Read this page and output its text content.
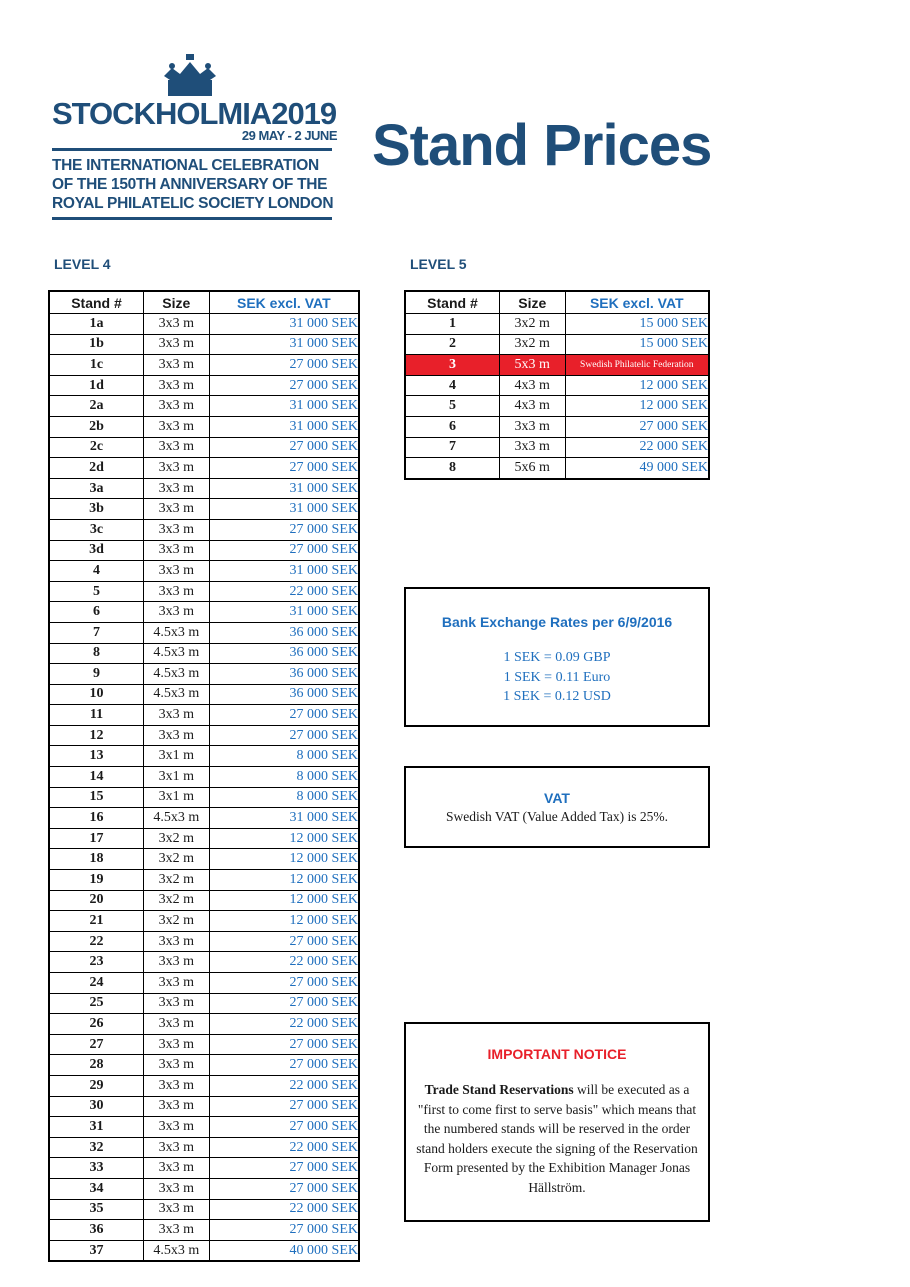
STOCKHOLMIA2019
29 MAY - 2 JUNE
THE INTERNATIONAL CELEBRATION
OF THE 150TH ANNIVERSARY OF THE
ROYAL PHILATELIC SOCIETY LONDON
Stand Prices
LEVEL 4	LEVEL 5
Stand #	Size	SEK excl. VAT
1a	3x3 m	31 000 SEK
1b	3x3 m	31 000 SEK
1c	3x3 m	27 000 SEK
1d	3x3 m	27 000 SEK
2a	3x3 m	31 000 SEK
2b	3x3 m	31 000 SEK
2c	3x3 m	27 000 SEK
2d	3x3 m	27 000 SEK
3a	3x3 m	31 000 SEK
3b	3x3 m	31 000 SEK
3c	3x3 m	27 000 SEK
3d	3x3 m	27 000 SEK
4	3x3 m	31 000 SEK
5	3x3 m	22 000 SEK
6	3x3 m	31 000 SEK
7	4.5x3 m	36 000 SEK
8	4.5x3 m	36 000 SEK
9	4.5x3 m	36 000 SEK
10	4.5x3 m	36 000 SEK
11	3x3 m	27 000 SEK
12	3x3 m	27 000 SEK
13	3x1 m	8 000 SEK
14	3x1 m	8 000 SEK
15	3x1 m	8 000 SEK
16	4.5x3 m	31 000 SEK
17	3x2 m	12 000 SEK
18	3x2 m	12 000 SEK
19	3x2 m	12 000 SEK
20	3x2 m	12 000 SEK
21	3x2 m	12 000 SEK
22	3x3 m	27 000 SEK
23	3x3 m	22 000 SEK
24	3x3 m	27 000 SEK
25	3x3 m	27 000 SEK
26	3x3 m	22 000 SEK
27	3x3 m	27 000 SEK
28	3x3 m	27 000 SEK
29	3x3 m	22 000 SEK
30	3x3 m	27 000 SEK
31	3x3 m	27 000 SEK
32	3x3 m	22 000 SEK
33	3x3 m	27 000 SEK
34	3x3 m	27 000 SEK
35	3x3 m	22 000 SEK
36	3x3 m	27 000 SEK
37	4.5x3 m	40 000 SEK
Stand #	Size	SEK excl. VAT
1	3x2 m	15 000 SEK
2	3x2 m	15 000 SEK
3	5x3 m	Swedish Philatelic Federation
4	4x3 m	12 000 SEK
5	4x3 m	12 000 SEK
6	3x3 m	27 000 SEK
7	3x3 m	22 000 SEK
8	5x6 m	49 000 SEK
Bank Exchange Rates per 6/9/2016
1 SEK = 0.09 GBP
1 SEK = 0.11 Euro
1 SEK = 0.12 USD
VAT
Swedish VAT (Value Added Tax) is 25%.
IMPORTANT NOTICE
Trade Stand Reservations will be executed as a "first to come first to serve basis" which means that the numbered stands will be reserved in the order stand holders execute the signing of the Reservation Form presented by the Exhibition Manager Jonas Hällström.
